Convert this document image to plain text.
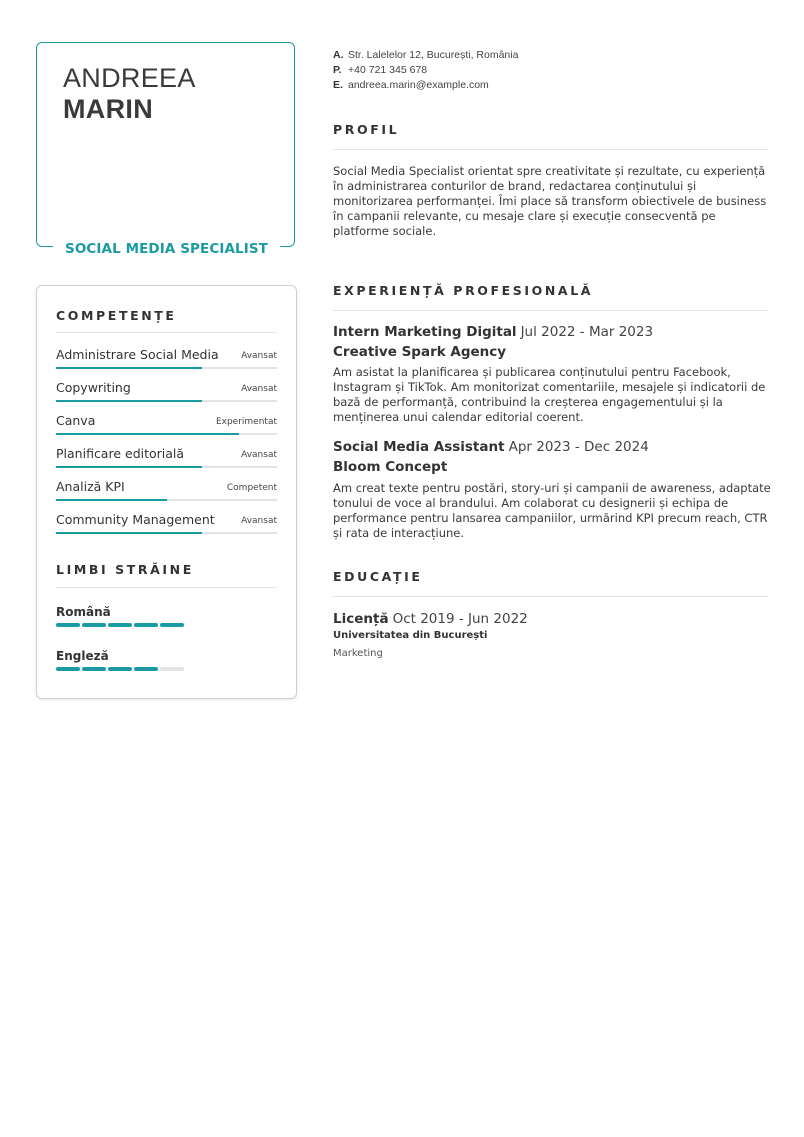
ANDREEA
MARIN
SOCIAL MEDIA SPECIALIST
A. Str. Lalelelor 12, București, România
P. +40 721 345 678
E. andreea.marin@example.com
COMPETENȚE
Administrare Social Media Avansat
Copywriting	Avansat
Canva	Experimentat
Planificare editorială	Avansat
Analiză KPI	Competent
Community Management	Avansat
LIMBI STRĂINE
Română
Engleză
PROFIL
Social Media Specialist orientat spre creativitate și rezultate, cu experiență în administrarea conturilor de brand, redactarea conținutului și monitorizarea performanței. Îmi place să transform obiectivele de business în campanii relevante, cu mesaje clare și execuție consecventă pe platforme sociale.
EXPERIENȚĂ PROFESIONALĂ
Intern Marketing Digital Jul 2022 - Mar 2023
Creative Spark Agency
Am asistat la planificarea și publicarea conținutului pentru Facebook, Instagram și TikTok. Am monitorizat comentariile, mesajele și indicatorii de bază de performanță, contribuind la creșterea engagementului și la menținerea unui calendar editorial coerent.
Social Media Assistant Apr 2023 - Dec 2024
Bloom Concept
Am creat texte pentru postări, story-uri și campanii de awareness, adaptate tonului de voce al brandului. Am colaborat cu designerii și echipa de performance pentru lansarea campaniilor, urmărind KPI precum reach, CTR și rata de interacțiune.
EDUCAȚIE
Licență Oct 2019 - Jun 2022
Universitatea din București
Marketing
